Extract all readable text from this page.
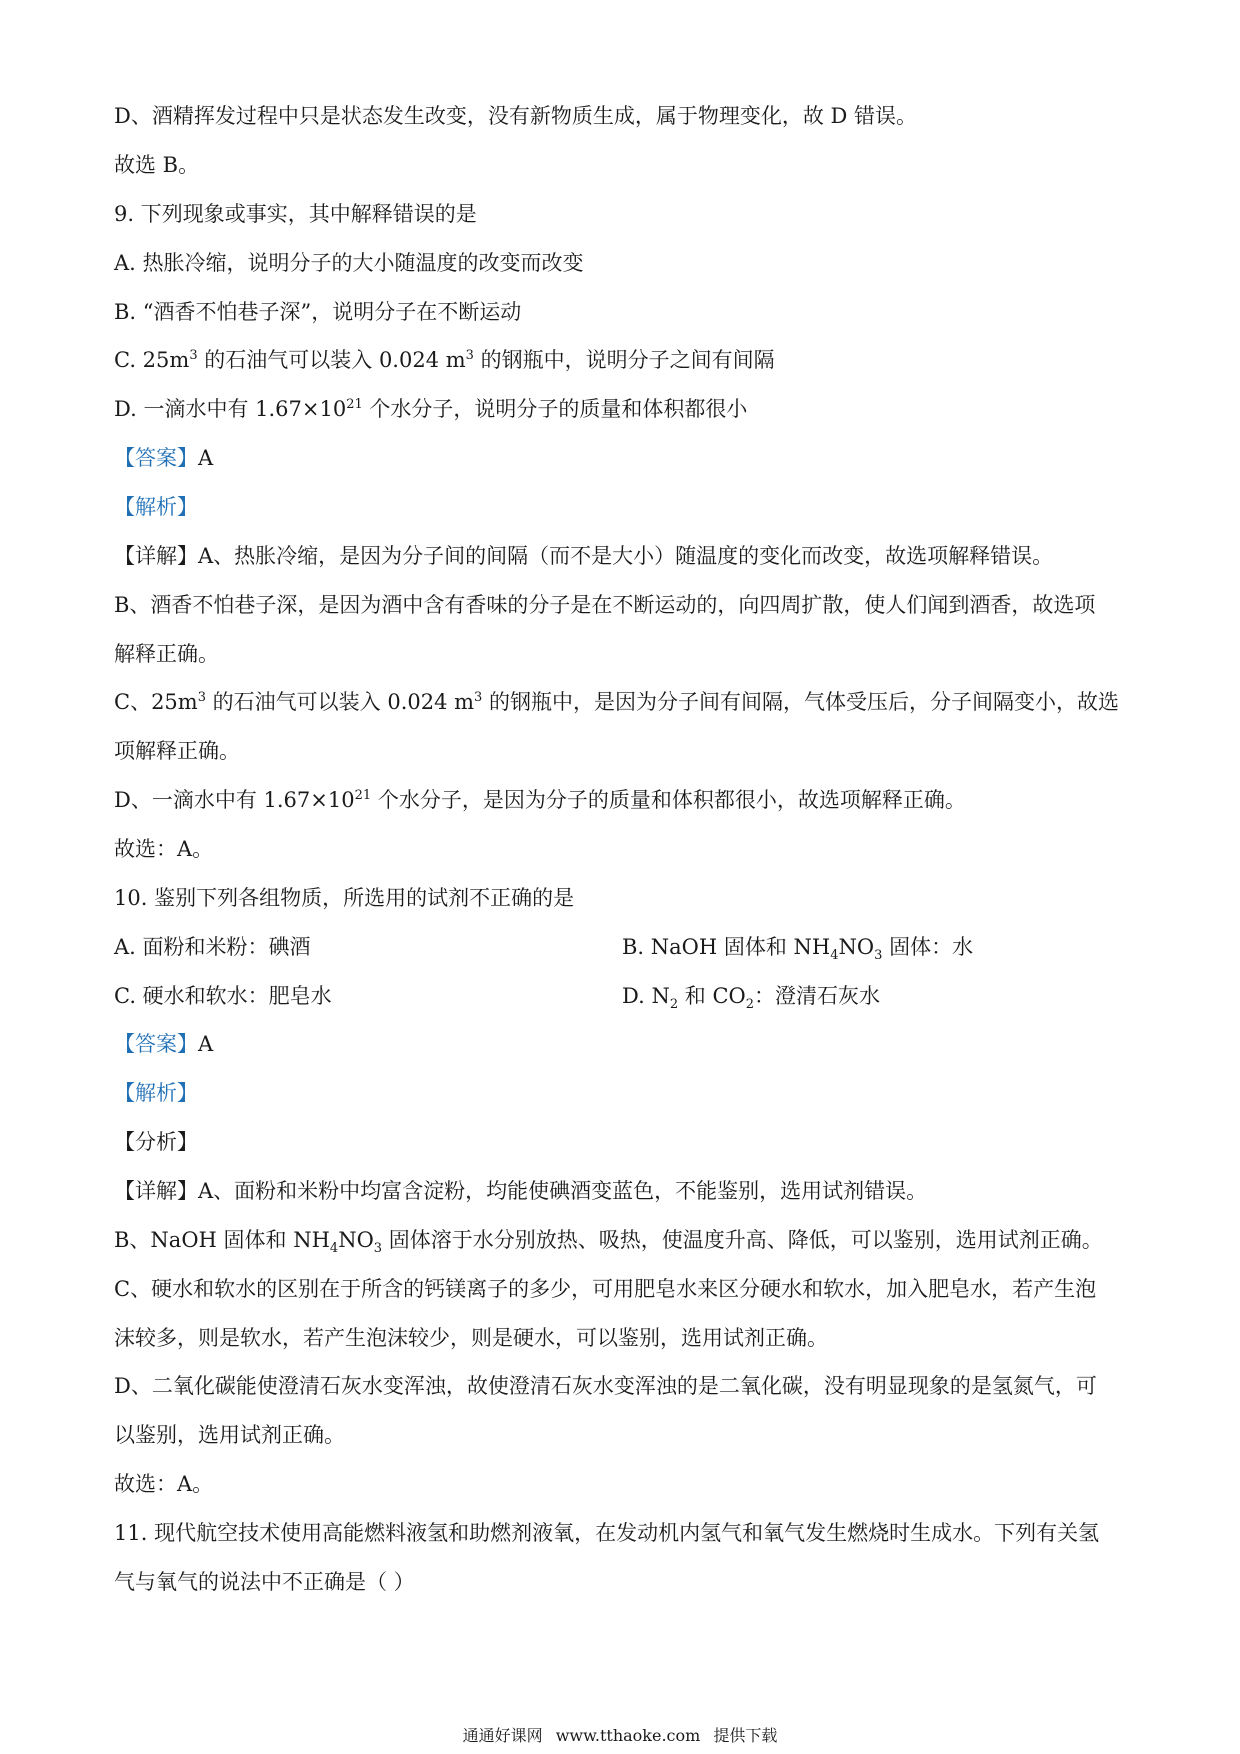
D、酒精挥发过程中只是状态发生改变，没有新物质生成，属于物理变化，故 D 错误。
故选 B。
9. 下列现象或事实，其中解释错误的是
A. 热胀冷缩，说明分子的大小随温度的改变而改变
B. “酒香不怕巷子深”，说明分子在不断运动
C. $25m^3$ 的石油气可以装入 0.024 $m^3$ 的钢瓶中，说明分子之间有间隔
D. 一滴水中有 $1.67\times 10^{21}$ 个水分子，说明分子的质量和体积都很小
【答案】A
【解析】
【详解】A、热胀冷缩，是因为分子间的间隔（而不是大小）随温度的变化而改变，故选项解释错误。
B、酒香不怕巷子深，是因为酒中含有香味的分子是在不断运动的，向四周扩散，使人们闻到酒香，故选项
解释正确。
C、$25m^3$ 的石油气可以装入 0.024 $m^3$ 的钢瓶中，是因为分子间有间隔，气体受压后，分子间隔变小，故选
项解释正确。
D、一滴水中有 $1.67\times 10^{21}$ 个水分子，是因为分子的质量和体积都很小，故选项解释正确。
故选：A。
10. 鉴别下列各组物质，所选用的试剂不正确的是
A. 面粉和米粉：碘酒	B. NaOH 固体和 $NH_4NO_3$ 固体：水
C. 硬水和软水：肥皂水	D. $N_2$ 和 $CO_2$：澄清石灰水
【答案】A
【解析】
【分析】
【详解】A、面粉和米粉中均富含淀粉，均能使碘酒变蓝色，不能鉴别，选用试剂错误。
B、NaOH 固体和 $NH_4NO_3$ 固体溶于水分别放热、吸热，使温度升高、降低，可以鉴别，选用试剂正确。
C、硬水和软水的区别在于所含的钙镁离子的多少，可用肥皂水来区分硬水和软水，加入肥皂水，若产生泡
沫较多，则是软水，若产生泡沫较少，则是硬水，可以鉴别，选用试剂正确。
D、二氧化碳能使澄清石灰水变浑浊，故使澄清石灰水变浑浊的是二氧化碳，没有明显现象的是氢氮气，可
以鉴别，选用试剂正确。
故选：A。
11. 现代航空技术使用高能燃料液氢和助燃剂液氧，在发动机内氢气和氧气发生燃烧时生成水。下列有关氢
气与氧气的说法中不正确是（ ）
通通好课网 www.tthaoke.com 提供下载
